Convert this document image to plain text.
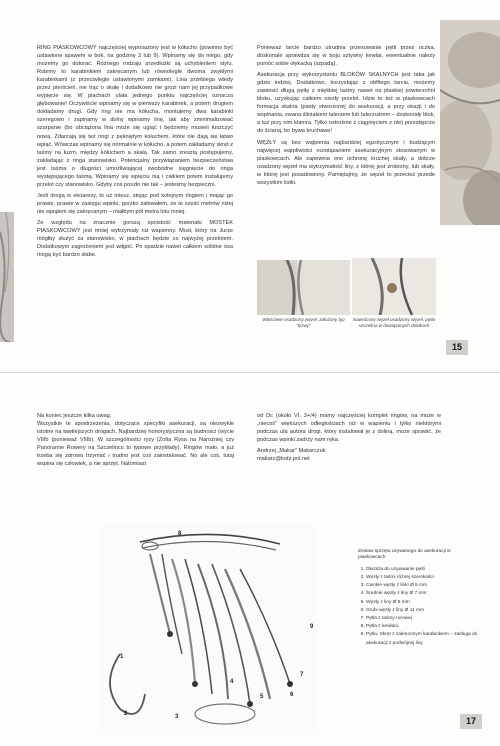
RING PIASKOWCOWY najczęściej wyposażony jest w kółucho (powinno być ustawione spawem w bok, na godzinę 3 lub 9). Wpinamy się do niego, gdy możemy go dotorać. Różnego rodzaju przedłużki są uchyblenlem stylu. Robimy to karabinkiem zakręcanym lub równolegle dwoma zwykłymi karabinkami (z przeciwlegle ustawionymi zamkami). Lina przebiega wtedy przez pierścień, nie trąc o skałę i dodatkowo nie grozi nam jej przypadkowe wypięcie się. W piachach ulała jednego punktu najczęściej oznacza głębowanie! Oczywiście wpinamy się w pierwszy karabinek, a potem drugiem dokładamy drugi. Gdy ring nie ma kółucha, montujemy dwa karabinki szeregowo i zapinamy w dolny wpinamy linę, tak aby zminimalizować szarpanie (bo obciążona lina może się ugiąć i będziemy musieli łuszczyć nową. Zdarzają się też ringi z pękniętym kołuchem, które nie dają się łatwo wpiąć. Wówczas wpinamy się normalnie w kółucho, a potem zakładamy skręt z taśmy na łuzm, między kółuchem a skałą. Tak samo zresztą postępujemy, zakładając z ringa stanowisko. Potencjalny przywiązaniem bezpieczeństwa jest taśma o długości umożliwiającej swobodne sięgnięcie do ringa występującego taśmą. Wpinamy się wpięciu nią i całkiem potem instalujemy przelot czy stanowisko. Gdyby coś poszło nie tak – jesteśmy bezpieczni.

Jeśli drogą w ekoarezy, to uż mięsz, stojąc pod kolejnym ringiem i mając go prawie, prawie w zasięgu wpinki, gorzko żałowałem, że te sześć metrów niżej nie wpiąłem się zakręcanym – miałbym pół metra lotu mniej.

Ze względu na znacznie gorszą spoistość materiału MOSTEK PIASKOWCOWY jest mniej wytrzymały niż wapienny. Mosł, który na Jurze mógłby służyć za stanowisko, w piachach będzie co najwyżej przelotem. Dodatkowym zagrożeniem jest wiłgoć. Po opadzie nawet całkiem solidne ósa mogą być bardzo słabe.

Ponieważ tarcie bardzo utrudnia przesuwanie pętli przez oczka, doskonale sprawdza się w boju sztywny kewlar, ewentualnie należy pomóc sobie ołykacką (szpadą).

Asekuracja przy wykorzystaniu BLOKÓW SKALNYCH jest taka jak gdzie indziej. Dodatkowo, korzystając z obfitego tarcia, możemy zawiesić długą pętlę z miękkiej taśmy nawet na płaskiej powierzchni bloku, uzyskując całkiem niezły przelot. Idzie to też w piaskowcach formacja skalna (pasty stworzonej do asekuracji, a przy okazji i do wspinania, zwana śliniakiem talerzem lub talerzuśrem – doskonały blok, a tuż przy nim klamra. Tylko ostrożnie z ciągnięciem z nie) przestępczo do ścianą, bo bywa kruchawe!

WĘZŁY są bez wątpienia najbardziej egzotycznym i budzącym najwięcej wątpliwości rozwiązaniem asekuracyjnym stosowanym w piaskowcach. Ale zapewnia ono ochronę kruchej skały, a dobrze osadzony węzeł ma wytrzymałość liny, z której jest zrobiony, lub skały, w której jest posadowiony. Pamiętajmy, że węzeł to przecież przede wszystkim listki.

Właściwie osadzony węzeł, założony typ "łyżwy"
Nawrócony węzeł osadzony węzeł, pętla szczelina w dowiązanych dołakach
15

Na koniec jeszcze kilka uwag.

Wszystkie te spostrzeżenia, dotyczące specyfiki asekuracji, są niezwykle istotne na ławtiejszych drogach. Najbardziej honorystyczna są budności (wycie VIIIb (ponieważ VIIIb). W szczególności ryzy (Zolta Rysa na Narożniej czy Panoramie Rowery na Szczelincu to typowe przykłady). Ringów mało, a już trzeba się zdrowo trzymać i trudno jest coś zainstalować. No ale coś, tutaj wspina się człowiek, a nie sprzęt. Natomiast

od Dc (około VI. 3+/4) mamy najczęściej komplet ringów, na może w „niecoś" większych odległościach niż w wapieniu i tylko niektórymi podczas ula autora drogi, który instalował je z doliną, może sprawić, że podczas wpinki zadrży nam ręka.

Andrzej „Makar" Makarczuk
makarz@lodz.pol.net

8
1
2	3
4
5	6
7
9
Zestaw sprzętu używanego do asekuracji w piaskowcach
1. Dłuższa do uzywwanie pętli
2. Węzły z taśmi różnej szerokości
3. Cienkie węzły z linki Ø 5 mm
4. Średnie węzły z liny Ø 7 mm
5. Węzły z liny Ø 9 mm
6. Grubi węzły z liny Ø 11 mm
7. Pętla z taśmy rurowej
8. Pętla z kewlaru
9. Pętla. Skręt z zakręconym karabinkiem – zasługa do asekuracji z podwójnej liny
17
